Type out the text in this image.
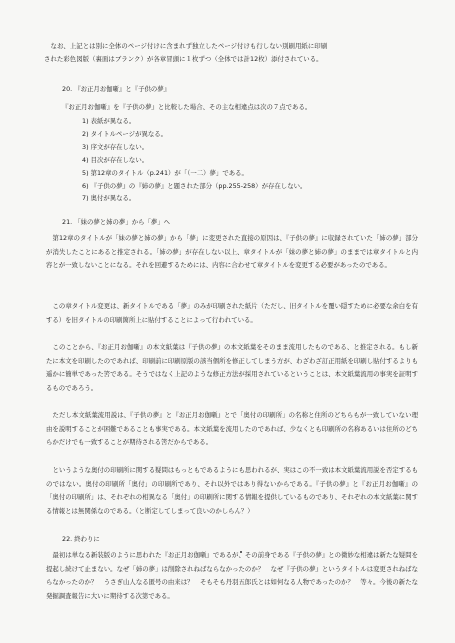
なお、上記とは別に全体のページ付けに含まれず独立したページ付けも行しない別刷用紙に印刷
された彩色図版（裏面はブランク）が各章冒頭に１枚ずつ（全体では計12枚）添付されている。
20. 『お正月お伽噺』と『子供の夢』
『お正月お伽噺』を『子供の夢』と比較した場合、その主な相違点は次の７点である。
1) 表紙が異なる。
2) タイトルページが異なる。
3) 序文が存在しない。
4) 目次が存在しない。
5) 第12章のタイトル（p.241）が「（一二）夢」である。
6) 『子供の夢』の『姉の夢』と題された部分（pp.255-258）が存在しない。
7) 奥付が異なる。
21. 「妹の夢と姉の夢」から「夢」へ
第12章のタイトルが「妹の夢と姉の夢」から「夢」に変更された直接の原因は、『子供の夢』に収録されていた「姉の夢」部分が消失したことにあると推定される。「姉の夢」が存在しない以上、章タイトルが「妹の夢と姉の夢」のままでは章タイトルと内容とが一致しないことになる。それを回避するためには、内容に合わせて章タイトルを変更する必要があったのである。
この章タイトル変更は、新タイトルである「夢」のみが印刷された紙片（ただし、旧タイトルを覆い隠すために必要な余白を有する）を旧タイトルの印刷箇所上に貼付することによって行われている。
このことから、『お正月お伽噺』の本文紙葉は『子供の夢』の本文紙葉をそのまま流用したものである、と推定される。もし新たに本文を印刷したのであれば、印刷前に印刷原版の該当個所を修正してしまう方が、わざわざ訂正用紙を印刷し貼付するよりも遥かに簡単であった筈である。そうではなく上記のような修正方法が採用されているということは、本文紙葉流用の事実を証明するものであろう。
ただし本文紙葉流用説は、『子供の夢』と『お正月お伽噺』とで「奥付の印刷所」の名称と住所のどちらもが一致していない理由を説明することが困難であることも事実である。本文紙葉を流用したのであれば、少なくとも印刷所の名称あるいは住所のどちらかだけでも一致することが期待される筈だからである。
というような奥付の印刷所に関する疑問はもっともであるようにも思われるが、実はこの不一致は本文紙葉流用説を否定するものではない。奥付の印刷所「奥付」の印刷所であり、それ以外ではあり得ないからである。『子供の夢』と『お正月お伽噺』の「奥付の印刷所」は、それぞれの相異なる「奥付」の印刷所に関する情報を提供しているものであり、それぞれの本文紙葉に関する情報とは無関係なのである。（と断定してしまって良いのかしらん？）
22. 終わりに
最初は単なる新装版のように思われた『お正月お伽噺』であるが、その前身である『子供の夢』との微妙な相違は新たな疑問を提起し続けて止まない。なぜ「姉の夢」は削除されねばならなかったのか？　なぜ『子供の夢』というタイトルは変更されねばならなかったのか？　うさぎ山人なる匿号の由来は？　そもそも丹羽五郎氏とは如何なる人物であったのか？　等々。今後の新たな発掘調査報告に大いに期待する次第である。
